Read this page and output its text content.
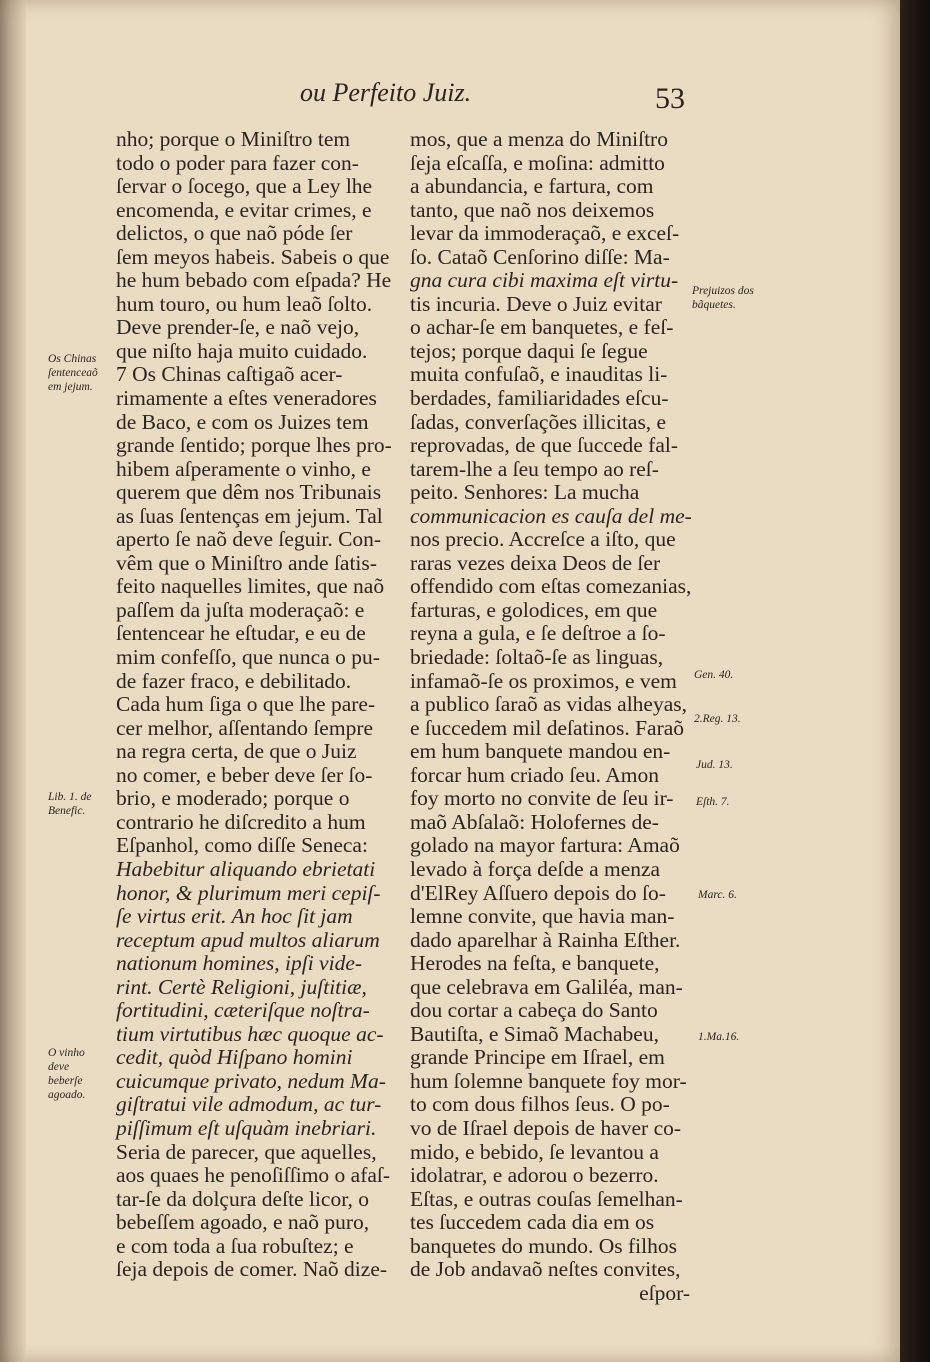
ou Perfeito Juiz.	53
nho; porque o Miniſtro tem
todo o poder para fazer con-
ſervar o ſocego, que a Ley lhe
encomenda, e evitar crimes, e
delictos, o que naõ póde ſer
ſem meyos habeis. Sabeis o que
he hum bebado com eſpada? He
hum touro, ou hum leaõ ſolto.
Deve prender-ſe, e naõ vejo,
que niſto haja muito cuidado.
7 Os Chinas caſtigaõ acer-
rimamente a eſtes veneradores
de Baco, e com os Juizes tem
grande ſentido; porque lhes pro-
hibem aſperamente o vinho, e
querem que dêm nos Tribunais
as ſuas ſentenças em jejum. Tal
aperto ſe naõ deve ſeguir. Con-
vêm que o Miniſtro ande ſatis-
feito naquelles limites, que naõ
paſſem da juſta moderaçaõ: e
ſentencear he eſtudar, e eu de
mim confeſſo, que nunca o pu-
de fazer fraco, e debilitado.
Cada hum ſiga o que lhe pare-
cer melhor, aſſentando ſempre
na regra certa, de que o Juiz
no comer, e beber deve ſer ſo-
brio, e moderado; porque o
contrario he diſcredito a hum
Eſpanhol, como diſſe Seneca:
Habebitur aliquando ebrietati
honor, & plurimum meri cepiſ-
ſe virtus erit. An hoc ſit jam
receptum apud multos aliarum
nationum homines, ipſi vide-
rint. Certè Religioni, juſtitiæ,
fortitudini, cæteriſque noſtra-
tium virtutibus hæc quoque ac-
cedit, quòd Hiſpano homini
cuicumque privato, nedum Ma-
giſtratui vile admodum, ac tur-
piſſimum eſt uſquàm inebriari.
Seria de parecer, que aquelles,
aos quaes he penoſiſſimo o afaſ-
tar-ſe da dolçura deſte licor, o
bebeſſem agoado, e naõ puro,
e com toda a ſua robuſtez; e
ſeja depois de comer. Naõ dize-
mos, que a menza do Miniſtro
ſeja eſcaſſa, e moſina: admitto
a abundancia, e fartura, com
tanto, que naõ nos deixemos
levar da immoderaçaõ, e exceſ-
ſo. Cataõ Cenſorino diſſe: Ma-
gna cura cibi maxima eſt virtu-
tis incuria. Deve o Juiz evitar
o achar-ſe em banquetes, e feſ-
tejos; porque daqui ſe ſegue
muita confuſaõ, e inauditas li-
berdades, familiaridades eſcu-
ſadas, converſações illicitas, e
reprovadas, de que ſuccede fal-
tarem-lhe a ſeu tempo ao reſ-
peito. Senhores: La mucha
communicacion es cauſa del me-
nos precio. Accreſce a iſto, que
raras vezes deixa Deos de ſer
offendido com eſtas comezanias,
farturas, e golodices, em que
reyna a gula, e ſe deſtroe a ſo-
briedade: ſoltaõ-ſe as linguas,
infamaõ-ſe os proximos, e vem
a publico ſaraõ as vidas alheyas,
e ſuccedem mil deſatinos. Faraõ
em hum banquete mandou en-
forcar hum criado ſeu. Amon
foy morto no convite de ſeu ir-
maõ Abſalaõ: Holofernes de-
golado na mayor fartura: Amaõ
levado à força deſde a menza
d'ElRey Aſſuero depois do ſo-
lemne convite, que havia man-
dado aparelhar à Rainha Eſther.
Herodes na feſta, e banquete,
que celebrava em Galiléa, man-
dou cortar a cabeça do Santo
Bautiſta, e Simaõ Machabeu,
grande Principe em Iſrael, em
hum ſolemne banquete foy mor-
to com dous filhos ſeus. O po-
vo de Iſrael depois de haver co-
mido, e bebido, ſe levantou a
idolatrar, e adorou o bezerro.
Eſtas, e outras couſas ſemelhan-
tes ſuccedem cada dia em os
banquetes do mundo. Os filhos
de Job andavaõ neſtes convites,
eſpor-
Os Chinas ſentenceaõ em jejum.
Lib. 1. de Benefic.
O vinho deve beberſe agoado.
Prejuizos dos bãquetes.
Gen. 40.
2.Reg. 13.
Jud. 13.
Eſth. 7.
Marc. 6.
1.Ma.16.
